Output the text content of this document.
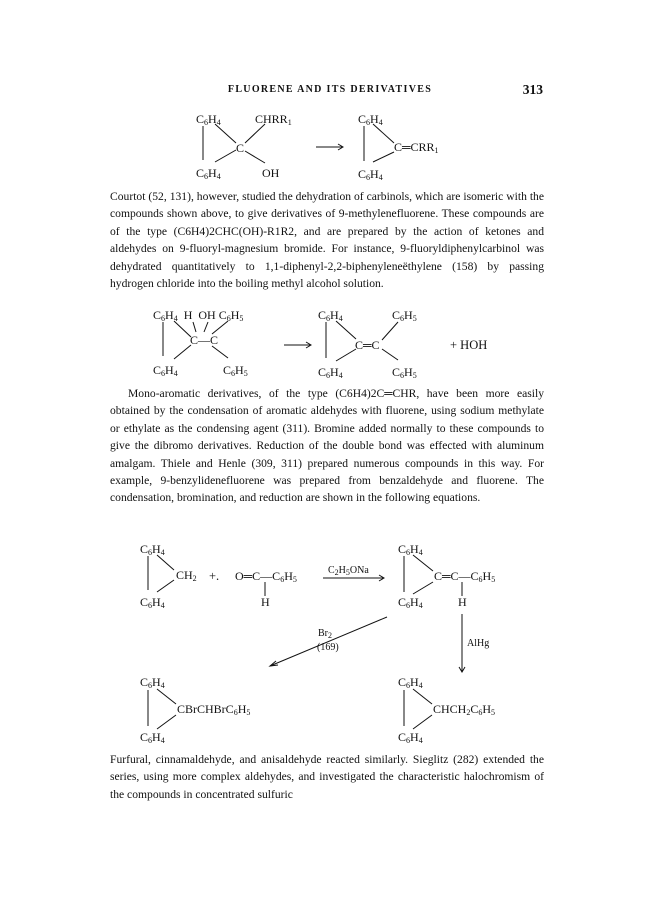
FLUORENE AND ITS DERIVATIVES	313
C6H4	CHRR1
C
C6H4	OH
C6H4
C═CRR1
C6H4

Courtot (52, 131), however, studied the dehydration of carbinols, which are isomeric with the compounds shown above, to give derivatives of 9-methylenefluorene. These compounds are of the type (C6H4)2CHC(OH)-R1R2, and are prepared by the action of ketones and aldehydes on 9-fluoryl-magnesium bromide. For instance, 9-fluoryldiphenylcarbinol was dehydrated quantitatively to 1,1-diphenyl-2,2-biphenyleneëthylene (158) by passing hydrogen chloride into the boiling methyl alcohol solution.

C6H4 H OH C6H5
C—C
C6H4	C6H5
C6H4	C6H5
C═C
C6H4	C6H5
+ HOH

Mono-aromatic derivatives, of the type (C6H4)2C═CHR, have been more easily obtained by the condensation of aromatic aldehydes with fluorene, using sodium methylate or ethylate as the condensing agent (311). Bromine added normally to these compounds to give the dibromo derivatives. Reduction of the double bond was effected with aluminum amalgam. Thiele and Henle (309, 311) prepared numerous compounds in this way. For example, 9-benzylidenefluorene was prepared from benzaldehyde and fluorene. The condensation, bromination, and reduction are shown in the following equations.

C6H4
CH2
C6H4
+. O═C—C6H5
H
$C_2H_5ONa$
C6H4
C═C—C6H5
C6H4	H
$Br_2$
(169)	AlHg
C6H4
CBrCHBrC6H5
C6H4
C6H4
CHCH2C6H5
C6H4

Furfural, cinnamaldehyde, and anisaldehyde reacted similarly. Sieglitz (282) extended the series, using more complex aldehydes, and investigated the characteristic halochromism of the compounds in concentrated sulfuric
